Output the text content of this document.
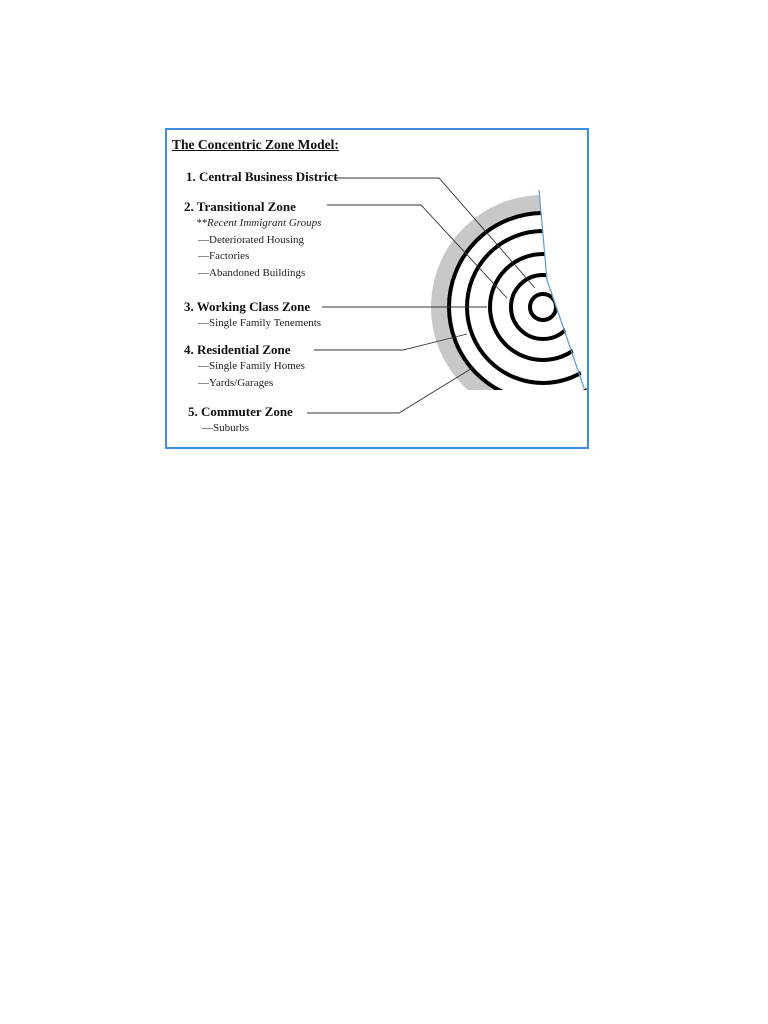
The Concentric Zone Model:
1. Central Business District
2. Transitional Zone
**Recent Immigrant Groups
—Deteriorated Housing
—Factories
—Abandoned Buildings
3. Working Class Zone
—Single Family Tenements
4. Residential Zone
—Single Family Homes
—Yards/Garages
5. Commuter Zone
—Suburbs
